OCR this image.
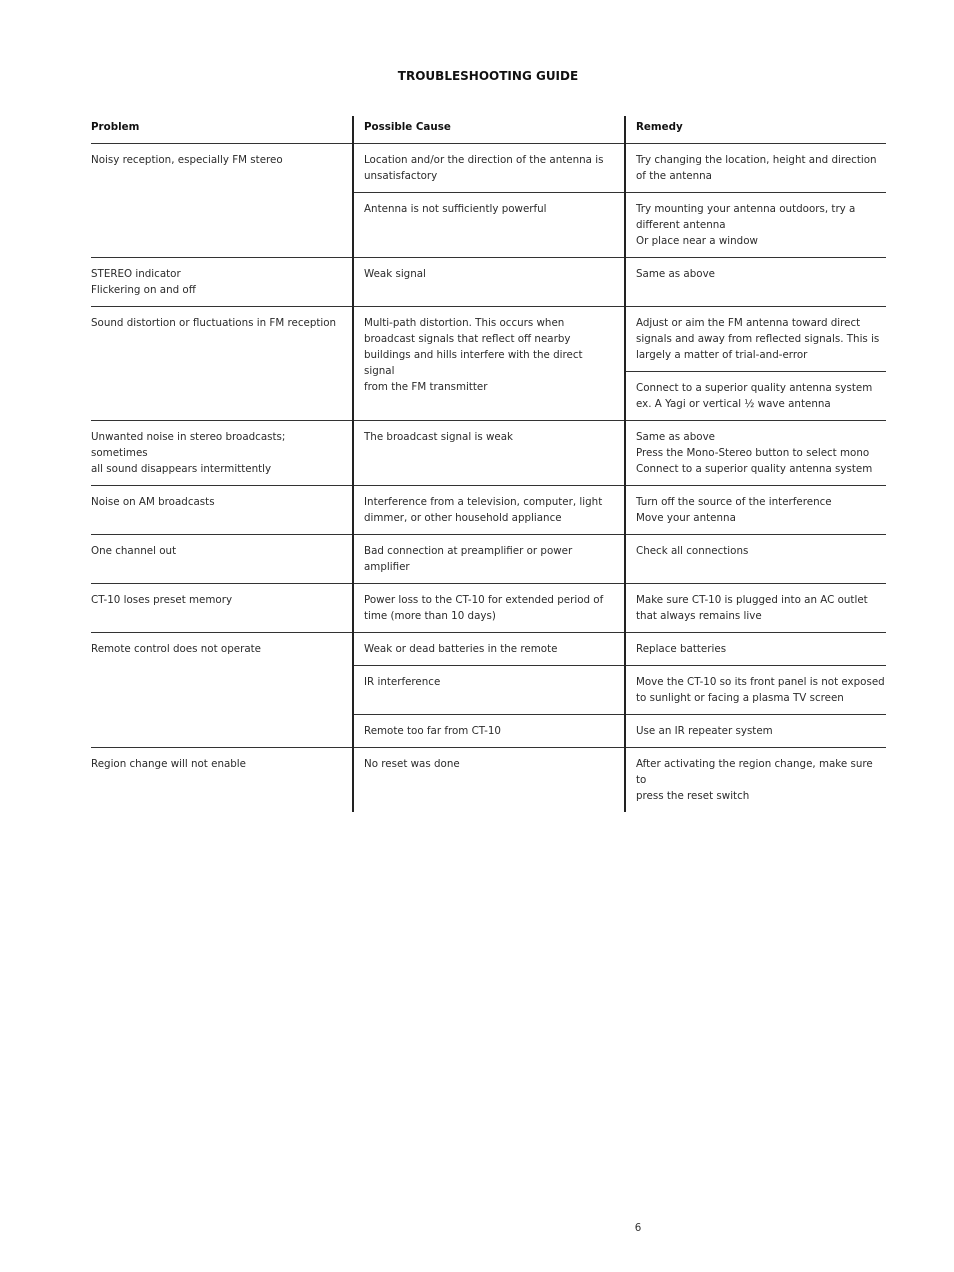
TROUBLESHOOTING GUIDE
Problem	Possible Cause	Remedy

Noisy reception, especially FM stereo	Location and/or the direction of the antenna is
unsatisfactory	Try changing the location, height and direction
of the antenna

	Antenna is not sufficiently powerful	Try mounting your antenna outdoors, try a
different antenna
Or place near a window

STEREO indicator
Flickering on and off	Weak signal	Same as above

Sound distortion or fluctuations in FM reception	Multi-path distortion. This occurs when
broadcast signals that reflect off nearby
buildings and hills interfere with the direct signal
from the FM transmitter	Adjust or aim the FM antenna toward direct
signals and away from reflected signals. This is
largely a matter of trial-and-error

		Connect to a superior quality antenna system
ex. A Yagi or vertical ½ wave antenna

Unwanted noise in stereo broadcasts; sometimes
all sound disappears intermittently	The broadcast signal is weak	Same as above
Press the Mono-Stereo button to select mono
Connect to a superior quality antenna system

Noise on AM broadcasts	Interference from a television, computer, light
dimmer, or other household appliance	Turn off the source of the interference
Move your antenna

One channel out	Bad connection at preamplifier or power
amplifier	Check all connections

CT-10 loses preset memory	Power loss to the CT-10 for extended period of
time (more than 10 days)	Make sure CT-10 is plugged into an AC outlet
that always remains live

Remote control does not operate	Weak or dead batteries in the remote	Replace batteries

	IR interference	Move the CT-10 so its front panel is not exposed
to sunlight or facing a plasma TV screen

	Remote too far from CT-10	Use an IR repeater system

Region change will not enable	No reset was done	After activating the region change, make sure to
press the reset switch
6
